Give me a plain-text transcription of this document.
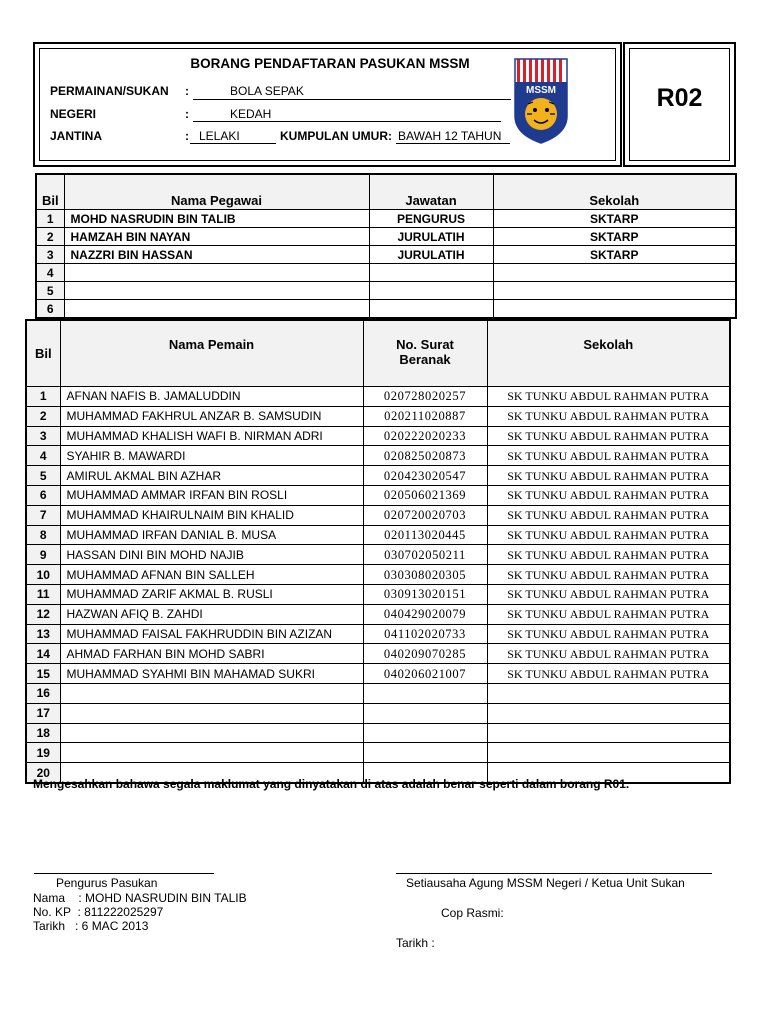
R02
BORANG PENDAFTARAN PASUKAN MSSM
PERMAINAN/SUKAN :	BOLA SEPAK
NEGERI	:	KEDAH
JANTINA	: LELAKI	KUMPULAN UMUR: BAWAH 12 TAHUN
MSSM
Bil	Nama Pegawai	Jawatan	Sekolah
1	MOHD NASRUDIN BIN TALIB	PENGURUS	SKTARP
2	HAMZAH BIN NAYAN	JURULATIH	SKTARP
3	NAZZRI BIN HASSAN	JURULATIH	SKTARP
4			
5			
6			
Bil	Nama Pemain	No. Surat Beranak	Sekolah
1	AFNAN NAFIS B. JAMALUDDIN	020728020257	SK TUNKU ABDUL RAHMAN PUTRA
2	MUHAMMAD FAKHRUL ANZAR B. SAMSUDIN	020211020887	SK TUNKU ABDUL RAHMAN PUTRA
3	MUHAMMAD KHALISH WAFI B. NIRMAN ADRI	020222020233	SK TUNKU ABDUL RAHMAN PUTRA
4	SYAHIR B. MAWARDI	020825020873	SK TUNKU ABDUL RAHMAN PUTRA
5	AMIRUL AKMAL BIN AZHAR	020423020547	SK TUNKU ABDUL RAHMAN PUTRA
6	MUHAMMAD AMMAR IRFAN BIN ROSLI	020506021369	SK TUNKU ABDUL RAHMAN PUTRA
7	MUHAMMAD KHAIRULNAIM BIN KHALID	020720020703	SK TUNKU ABDUL RAHMAN PUTRA
8	MUHAMMAD IRFAN DANIAL B. MUSA	020113020445	SK TUNKU ABDUL RAHMAN PUTRA
9	HASSAN DINI BIN MOHD NAJIB	030702050211	SK TUNKU ABDUL RAHMAN PUTRA
10	MUHAMMAD AFNAN BIN SALLEH	030308020305	SK TUNKU ABDUL RAHMAN PUTRA
11	MUHAMMAD ZARIF AKMAL B. RUSLI	030913020151	SK TUNKU ABDUL RAHMAN PUTRA
12	HAZWAN AFIQ B. ZAHDI	040429020079	SK TUNKU ABDUL RAHMAN PUTRA
13	MUHAMMAD FAISAL FAKHRUDDIN BIN AZIZAN	041102020733	SK TUNKU ABDUL RAHMAN PUTRA
14	AHMAD FARHAN BIN MOHD SABRI	040209070285	SK TUNKU ABDUL RAHMAN PUTRA
15	MUHAMMAD SYAHMI BIN MAHAMAD SUKRI	040206021007	SK TUNKU ABDUL RAHMAN PUTRA
16			
17			
18			
19			
20			
Mengesahkan bahawa segala maklumat yang dinyatakan di atas adalah benar seperti dalam borang R01.
Pengurus Pasukan
Nama    : MOHD NASRUDIN BIN TALIB
No. KP  : 811222025297
Tarikh   : 6 MAC 2013
Setiausaha Agung MSSM Negeri / Ketua Unit Sukan
Cop Rasmi:
Tarikh :
